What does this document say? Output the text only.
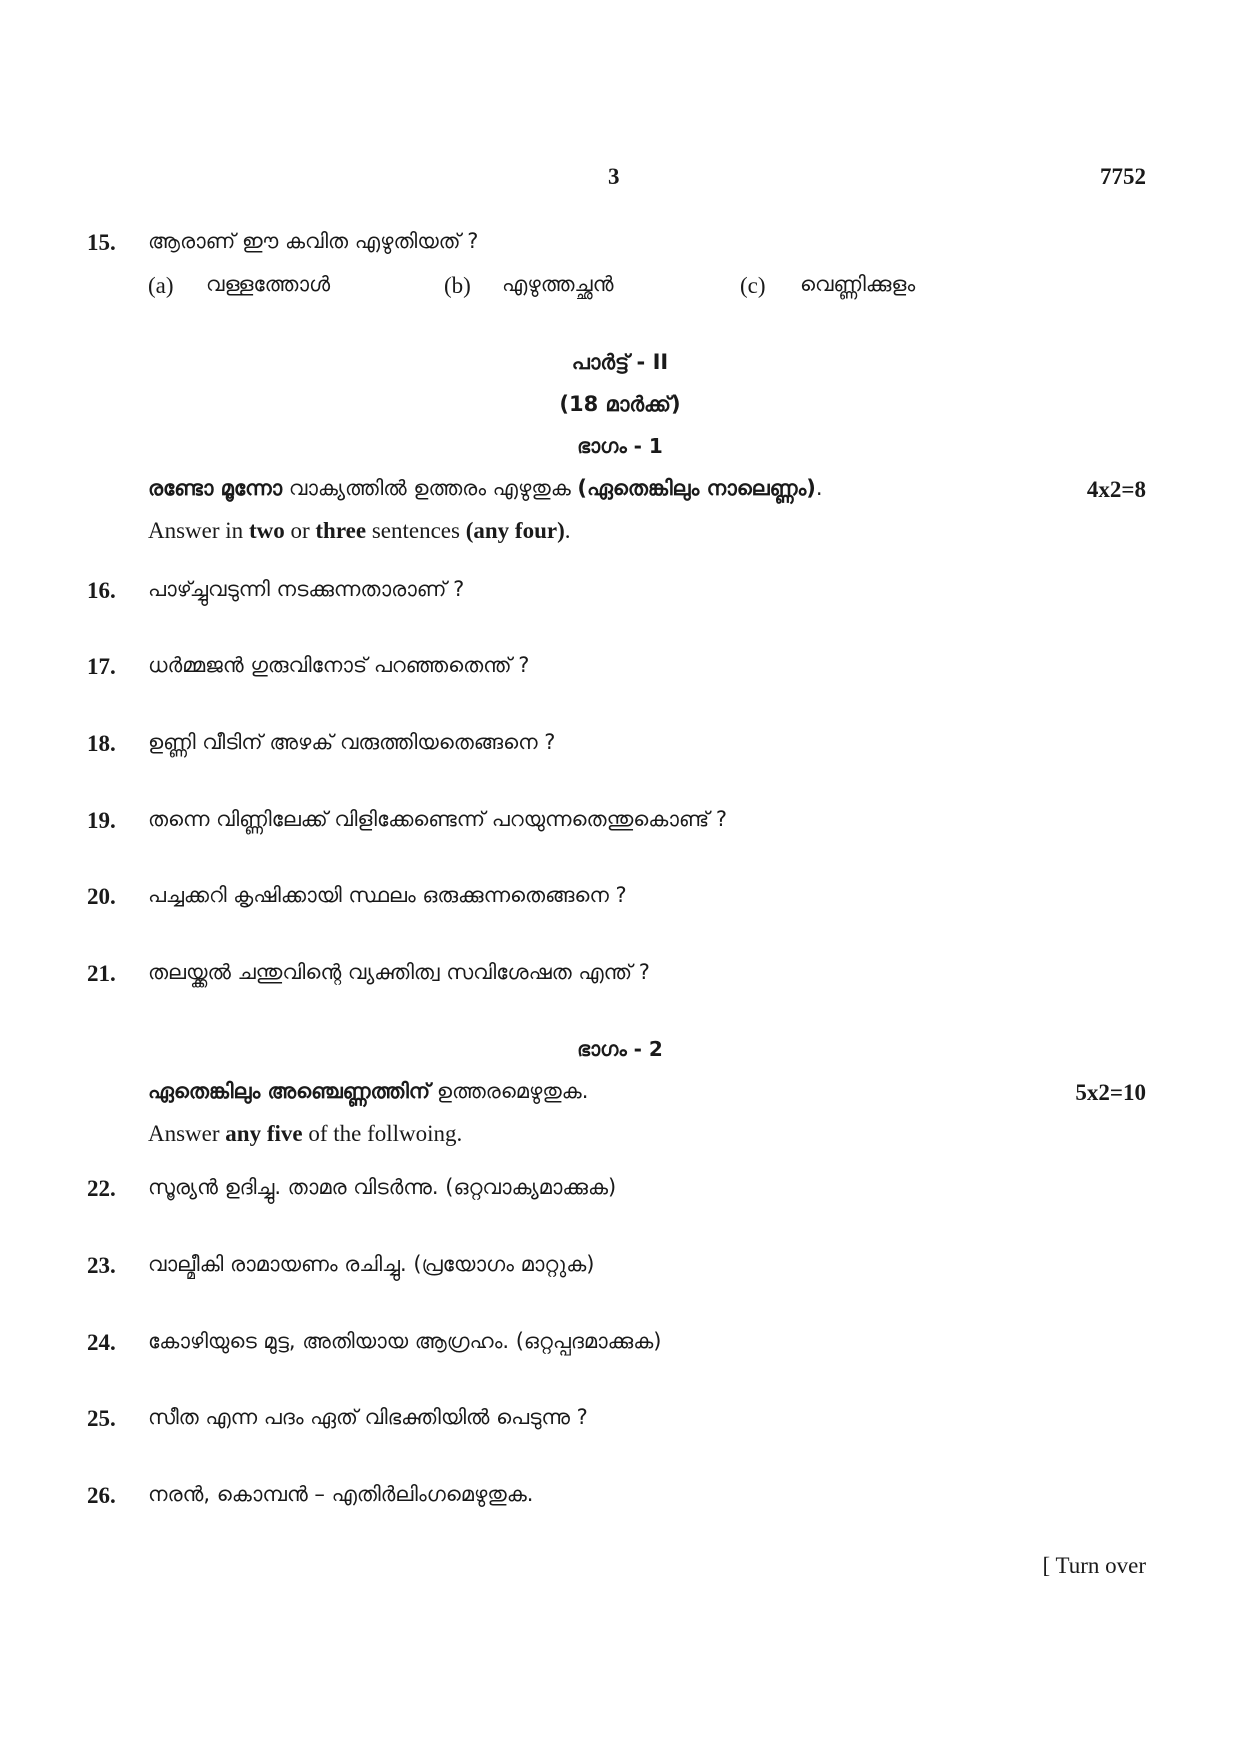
3	7752
15. ആരാണ് ഈ കവിത എഴുതിയത് ?
(a) വള്ളത്തോൾ	(b) എഴുത്തച്ഛൻ	(c) വെണ്ണിക്കുളം
പാർട്ട് - II
(18 മാർക്ക്)
ഭാഗം - 1
രണ്ടോ മൂന്നോ വാക്യത്തിൽ ഉത്തരം എഴുതുക (ഏതെങ്കിലും നാലെണ്ണം).	4x2=8
Answer in two or three sentences (any four).
16. പാഴ്ച്ചുവടുന്നി നടക്കുന്നതാരാണ് ?
17. ധർമ്മജൻ ഗുരുവിനോട് പറഞ്ഞതെന്ത് ?
18. ഉണ്ണി വീടിന് അഴക് വരുത്തിയതെങ്ങനെ ?
19. തന്നെ വിണ്ണിലേക്ക് വിളിക്കേണ്ടെന്ന് പറയുന്നതെന്തുകൊണ്ട് ?
20. പച്ചക്കറി കൃഷിക്കായി സ്ഥലം ഒരുക്കുന്നതെങ്ങനെ ?
21. തലയ്ക്കൽ ചന്തുവിന്റെ വ്യക്തിത്വ സവിശേഷത എന്ത് ?
ഭാഗം - 2
ഏതെങ്കിലും അഞ്ചെണ്ണത്തിന് ഉത്തരമെഴുതുക.	5x2=10
Answer any five of the follwoing.
22. സൂര്യൻ ഉദിച്ചു. താമര വിടർന്നു. (ഒറ്റവാക്യമാക്കുക)
23. വാല്മീകി രാമായണം രചിച്ചു. (പ്രയോഗം മാറ്റുക)
24. കോഴിയുടെ മുട്ട, അതിയായ ആഗ്രഹം. (ഒറ്റപ്പദമാക്കുക)
25. സീത എന്ന പദം ഏത് വിഭക്തിയിൽ പെടുന്നു ?
26. നരൻ, കൊമ്പൻ – എതിർലിംഗമെഴുതുക.
[ Turn over
